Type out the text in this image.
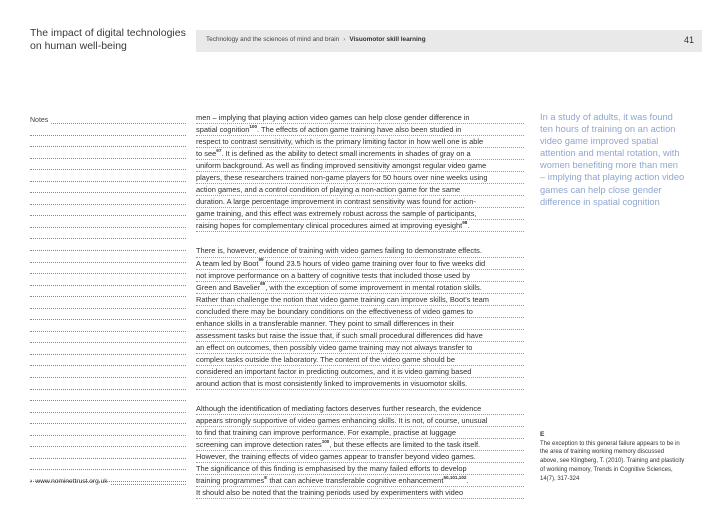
The impact of digital technologies
on human well-being
Technology and the sciences of mind and brain › Visuomotor skill learning	41
Notes
› www.nominettrust.org.uk
men – implying that playing action video games can help close gender difference in
spatial cognition$^{100}$. The effects of action game training have also been studied in
respect to contrast sensitivity, which is the primary limiting factor in how well one is able
to see$^{97}$. It is defined as the ability to detect small increments in shades of gray on a
uniform background. As well as finding improved sensitivity amongst regular video game
players, these researchers trained non-game players for 50 hours over nine weeks using
action games, and a control condition of playing a non-action game for the same
duration. A large percentage improvement in contrast sensitivity was found for action-
game training, and this effect was extremely robust across the sample of participants,
raising hopes for complementary clinical procedures aimed at improving eyesight$^{98}$.
There is, however, evidence of training with video games failing to demonstrate effects.
A team led by Boot$^{99}$ found 23.5 hours of video game training over four to five weeks did
not improve performance on a battery of cognitive tests that included those used by
Green and Bavelier$^{89}$, with the exception of some improvement in mental rotation skills.
Rather than challenge the notion that video game training can improve skills, Boot’s team
concluded there may be boundary conditions on the effectiveness of video games to
enhance skills in a transferable manner. They point to small differences in their
assessment tasks but raise the issue that, if such small procedural differences did have
an effect on outcomes, then possibly video game training may not always transfer to
complex tasks outside the laboratory. The content of the video game should be
considered an important factor in predicting outcomes, and it is video gaming based
around action that is most consistently linked to improvements in visuomotor skills.
Although the identification of mediating factors deserves further research, the evidence
appears strongly supportive of video games enhancing skills. It is not, of course, unusual
to find that training can improve performance. For example, practise at luggage
screening can improve detection rates$^{100}$, but these effects are limited to the task itself.
However, the training effects of video games appear to transfer beyond video games.
The significance of this finding is emphasised by the many failed efforts to develop
training programmes$^E$ that can achieve transferable cognitive enhancement$^{50,101,102}$.
It should also be noted that the training periods used by experimenters with video
In a study of adults, it was found
ten hours of training on an action
video game improved spatial
attention and mental rotation, with
women benefiting more than men
– implying that playing action video
games can help close gender
difference in spatial cognition
E
The exception to this general failure appears to be in
the area of training working memory discussed
above, see Klingberg, T. (2010). Training and plasticity
of working memory, Trends in Cognitive Sciences,
14(7), 317-324
